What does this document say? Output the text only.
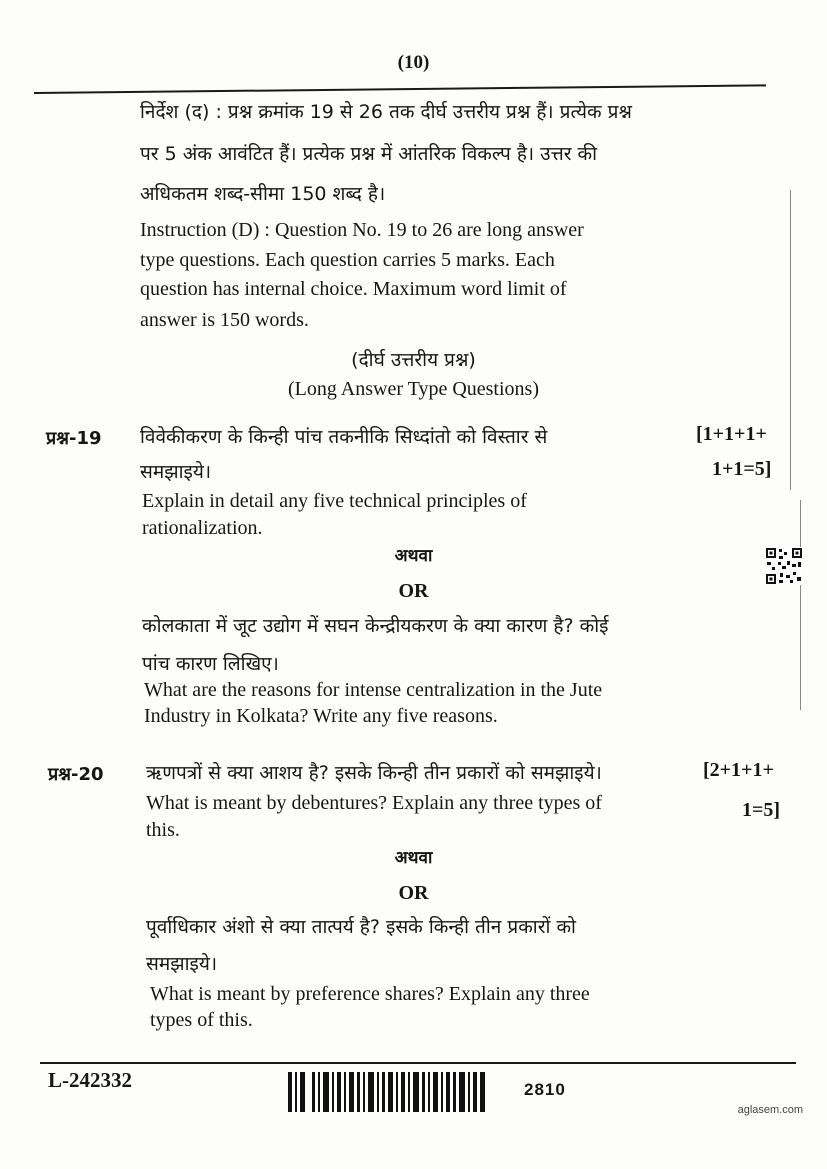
(10)
निर्देश (द) : प्रश्न क्रमांक 19 से 26 तक दीर्घ उत्तरीय प्रश्न हैं। प्रत्येक प्रश्न
पर 5 अंक आवंटित हैं। प्रत्येक प्रश्न में आंतरिक विकल्प है। उत्तर की
अधिकतम शब्द-सीमा 150 शब्द है।
Instruction (D) : Question No. 19 to 26 are long answer
type questions. Each question carries 5 marks. Each
question has internal choice. Maximum word limit of
answer is 150 words.
(दीर्घ उत्तरीय प्रश्न)
(Long Answer Type Questions)
प्रश्न-19	[1+1+1+
1+1=5]
विवेकीकरण के किन्ही पांच तकनीकि सिध्दांतो को विस्तार से
समझाइये।
Explain in detail any five technical principles of
rationalization.
अथवा
OR
कोलकाता में जूट उद्योग में सघन केन्द्रीयकरण के क्या कारण है? कोई
पांच कारण लिखिए।
What are the reasons for intense centralization in the Jute
Industry in Kolkata? Write any five reasons.
प्रश्न-20	[2+1+1+
1=5]
ऋणपत्रों से क्या आशय है? इसके किन्ही तीन प्रकारों को समझाइये।
What is meant by debentures? Explain any three types of
this.
अथवा
OR
पूर्वाधिकार अंशो से क्या तात्पर्य है? इसके किन्ही तीन प्रकारों को
समझाइये।
What is meant by preference shares? Explain any three
types of this.
L-242332	2810
aglasem.com
